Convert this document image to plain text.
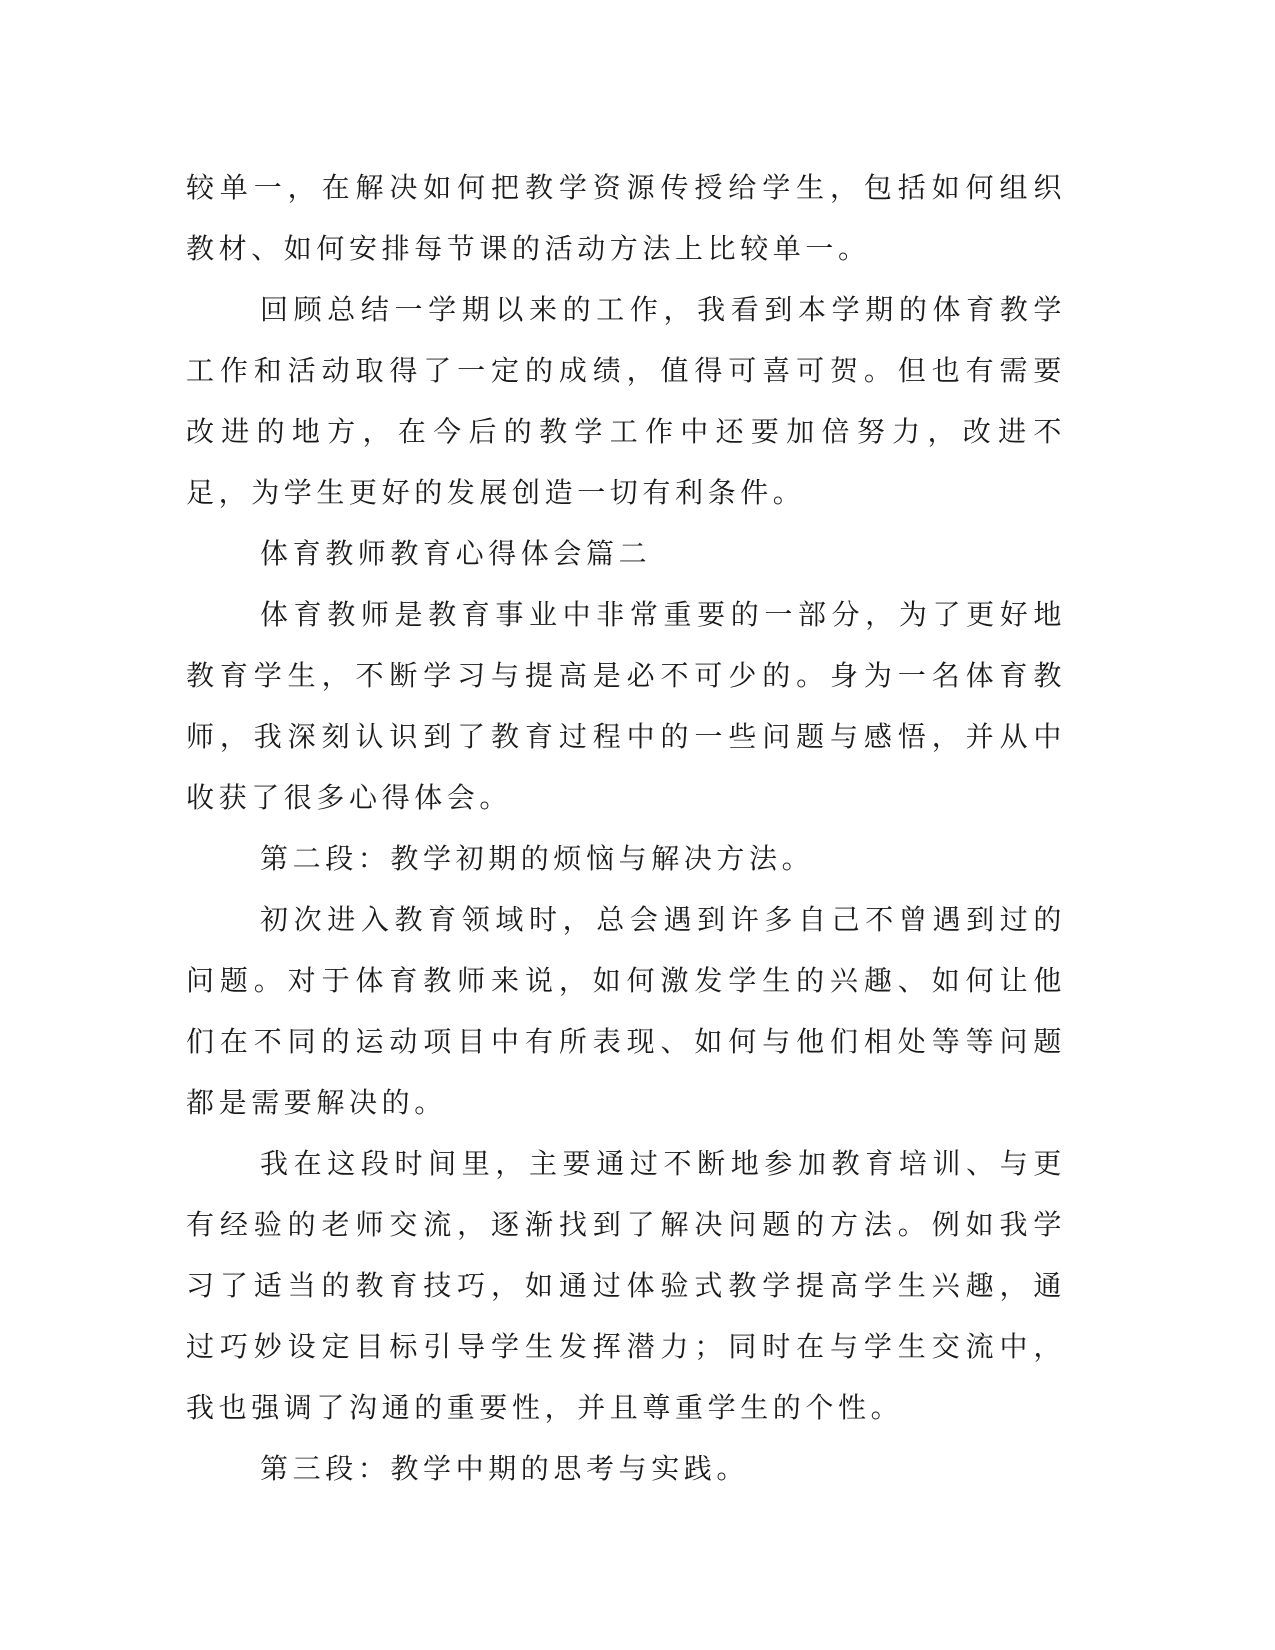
较单一，在解决如何把教学资源传授给学生，包括如何组织教材、如何安排每节课的活动方法上比较单一。

回顾总结一学期以来的工作，我看到本学期的体育教学工作和活动取得了一定的成绩，值得可喜可贺。但也有需要改进的地方，在今后的教学工作中还要加倍努力，改进不足，为学生更好的发展创造一切有利条件。

体育教师教育心得体会篇二

体育教师是教育事业中非常重要的一部分，为了更好地教育学生，不断学习与提高是必不可少的。身为一名体育教师，我深刻认识到了教育过程中的一些问题与感悟，并从中收获了很多心得体会。

第二段：教学初期的烦恼与解决方法。

初次进入教育领域时，总会遇到许多自己不曾遇到过的问题。对于体育教师来说，如何激发学生的兴趣、如何让他们在不同的运动项目中有所表现、如何与他们相处等等问题都是需要解决的。

我在这段时间里，主要通过不断地参加教育培训、与更有经验的老师交流，逐渐找到了解决问题的方法。例如我学习了适当的教育技巧，如通过体验式教学提高学生兴趣，通过巧妙设定目标引导学生发挥潜力；同时在与学生交流中，我也强调了沟通的重要性，并且尊重学生的个性。

第三段：教学中期的思考与实践。
